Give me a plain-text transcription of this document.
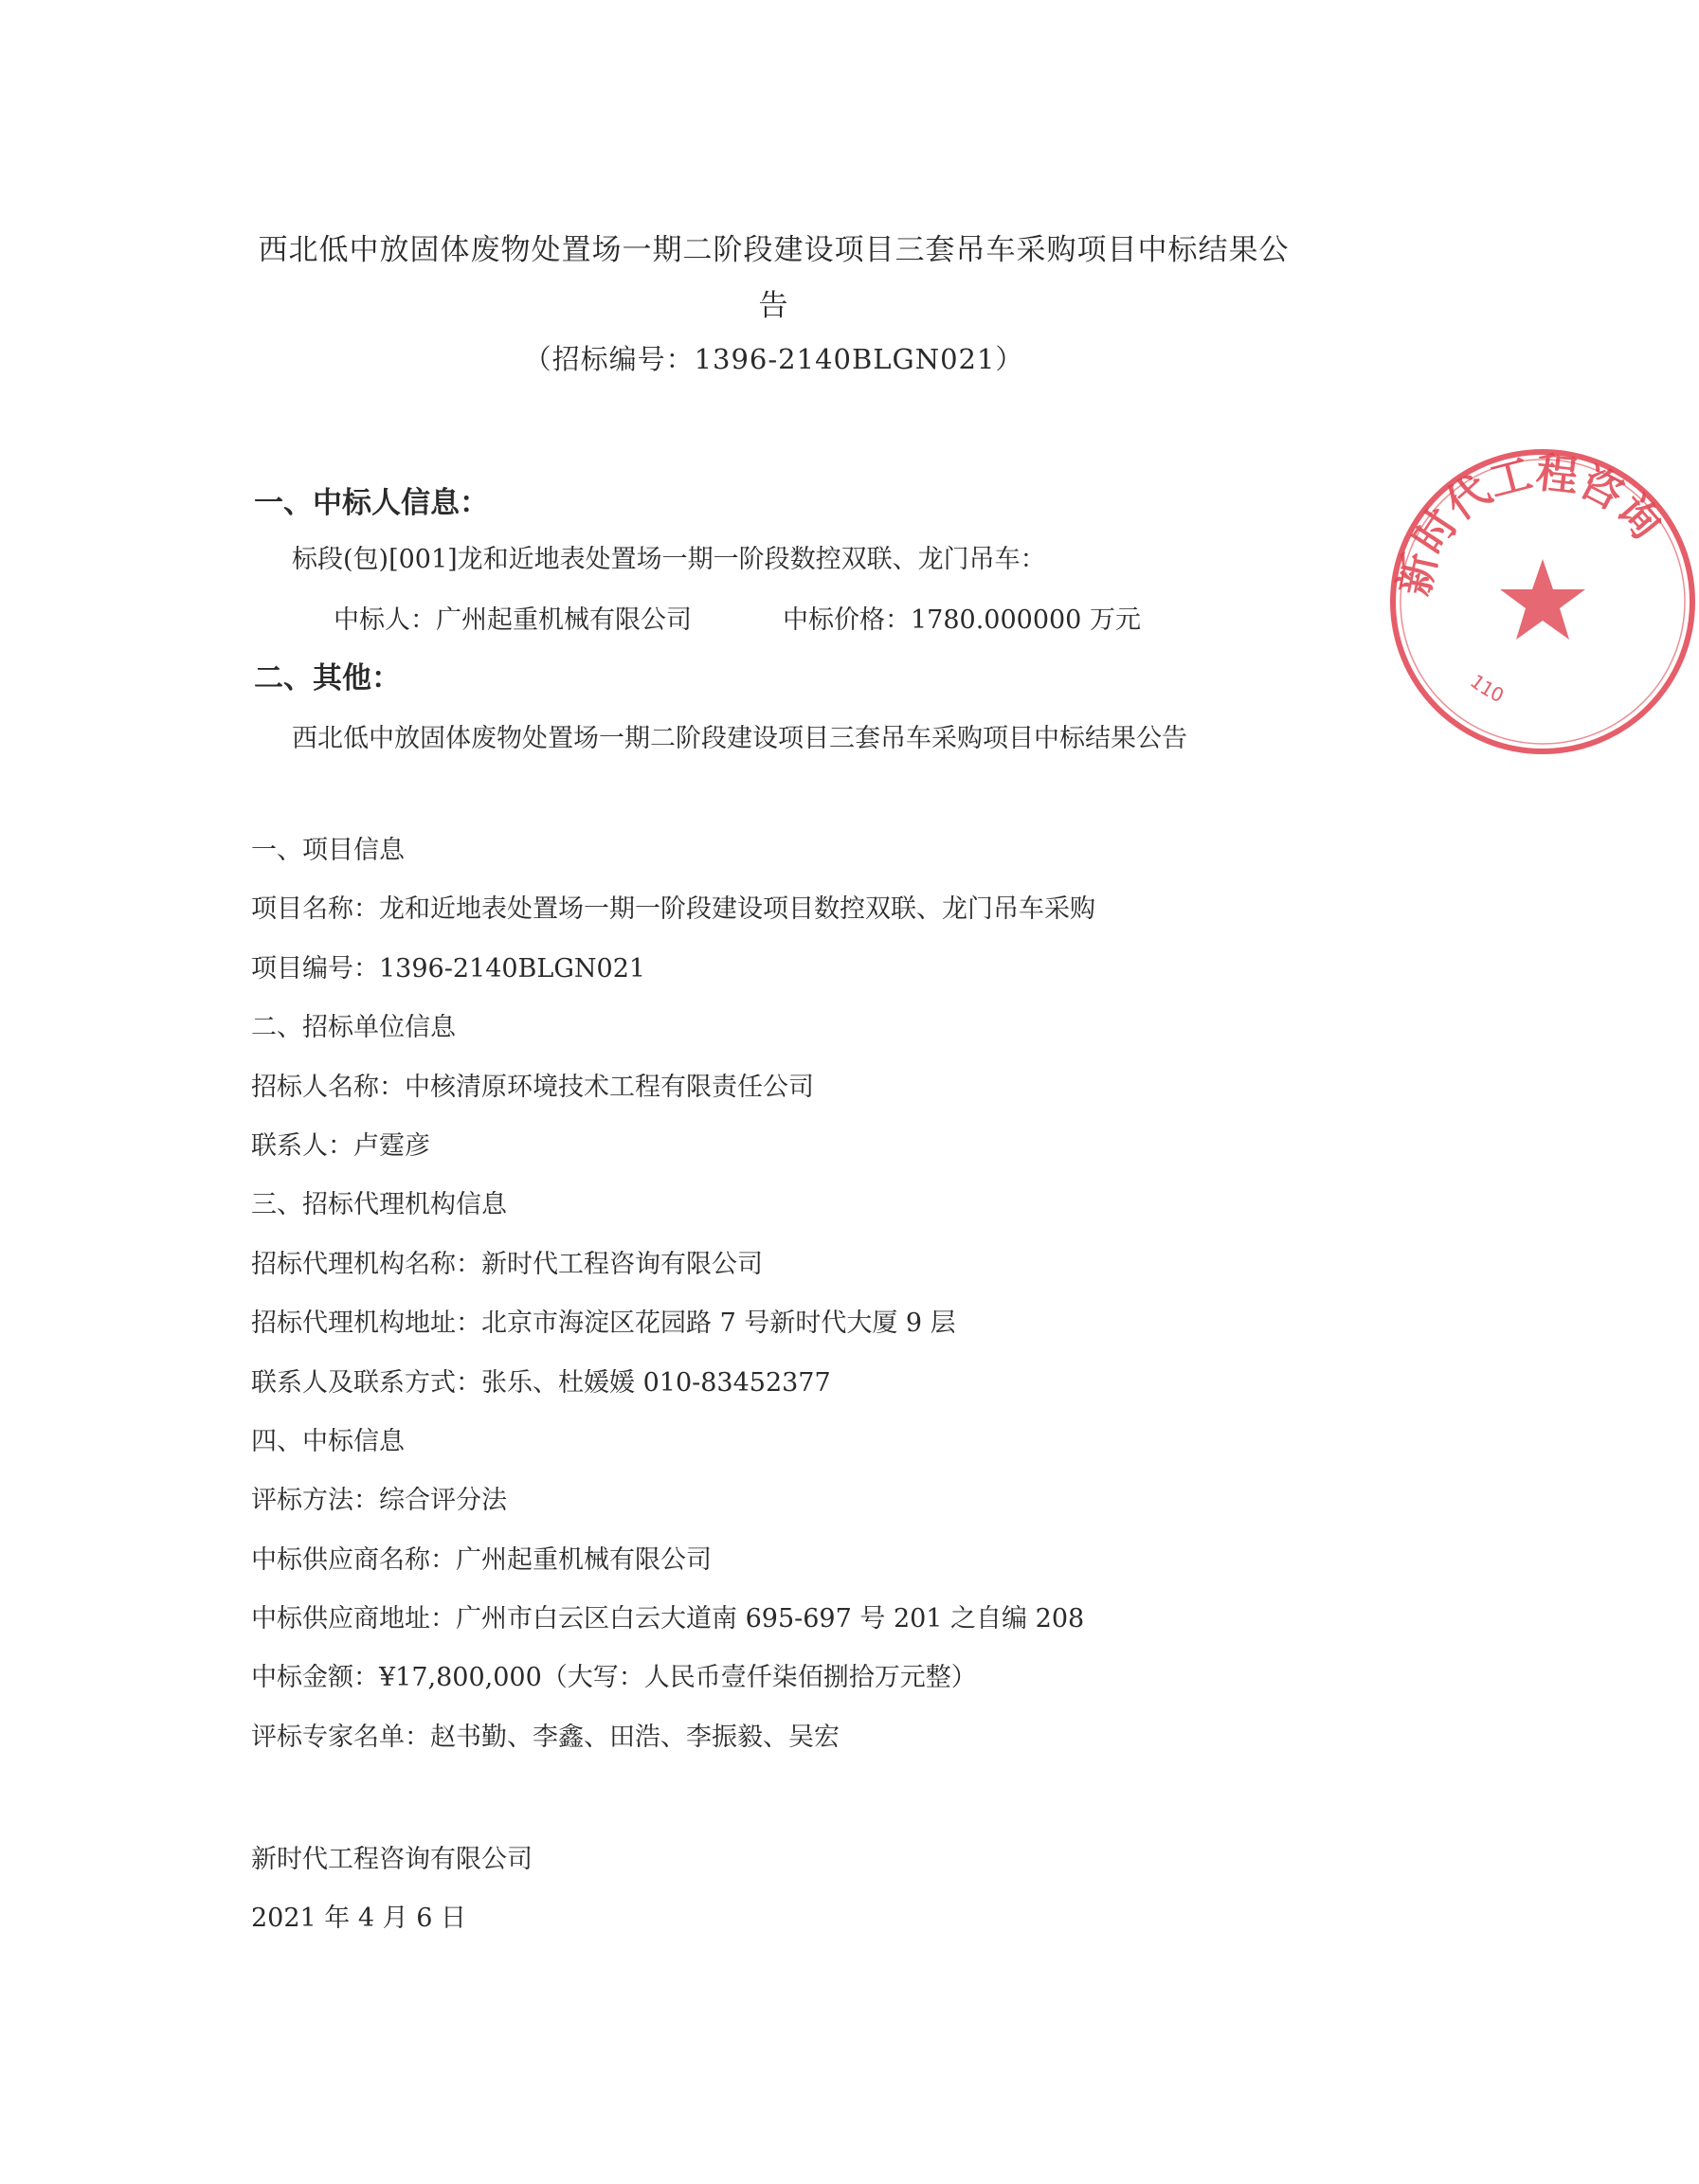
西北低中放固体废物处置场一期二阶段建设项目三套吊车采购项目中标结果公
告
（招标编号：1396-2140BLGN021）
一、中标人信息：
标段(包)[001]龙和近地表处置场一期一阶段数控双联、龙门吊车：
中标人：广州起重机械有限公司	中标价格：1780.000000 万元
二、其他：
西北低中放固体废物处置场一期二阶段建设项目三套吊车采购项目中标结果公告
一、项目信息
项目名称：龙和近地表处置场一期一阶段建设项目数控双联、龙门吊车采购
项目编号：1396-2140BLGN021
二、招标单位信息
招标人名称：中核清原环境技术工程有限责任公司
联系人：卢霆彦
三、招标代理机构信息
招标代理机构名称：新时代工程咨询有限公司
招标代理机构地址：北京市海淀区花园路 7 号新时代大厦 9 层
联系人及联系方式：张乐、杜媛媛 010-83452377
四、中标信息
评标方法：综合评分法
中标供应商名称：广州起重机械有限公司
中标供应商地址：广州市白云区白云大道南 695-697 号 201 之自编 208
中标金额：¥17,800,000（大写：人民币壹仟柒佰捌拾万元整）
评标专家名单：赵书勤、李鑫、田浩、李振毅、吴宏
新时代工程咨询有限公司
2021 年 4 月 6 日
新时代工程咨询
110
